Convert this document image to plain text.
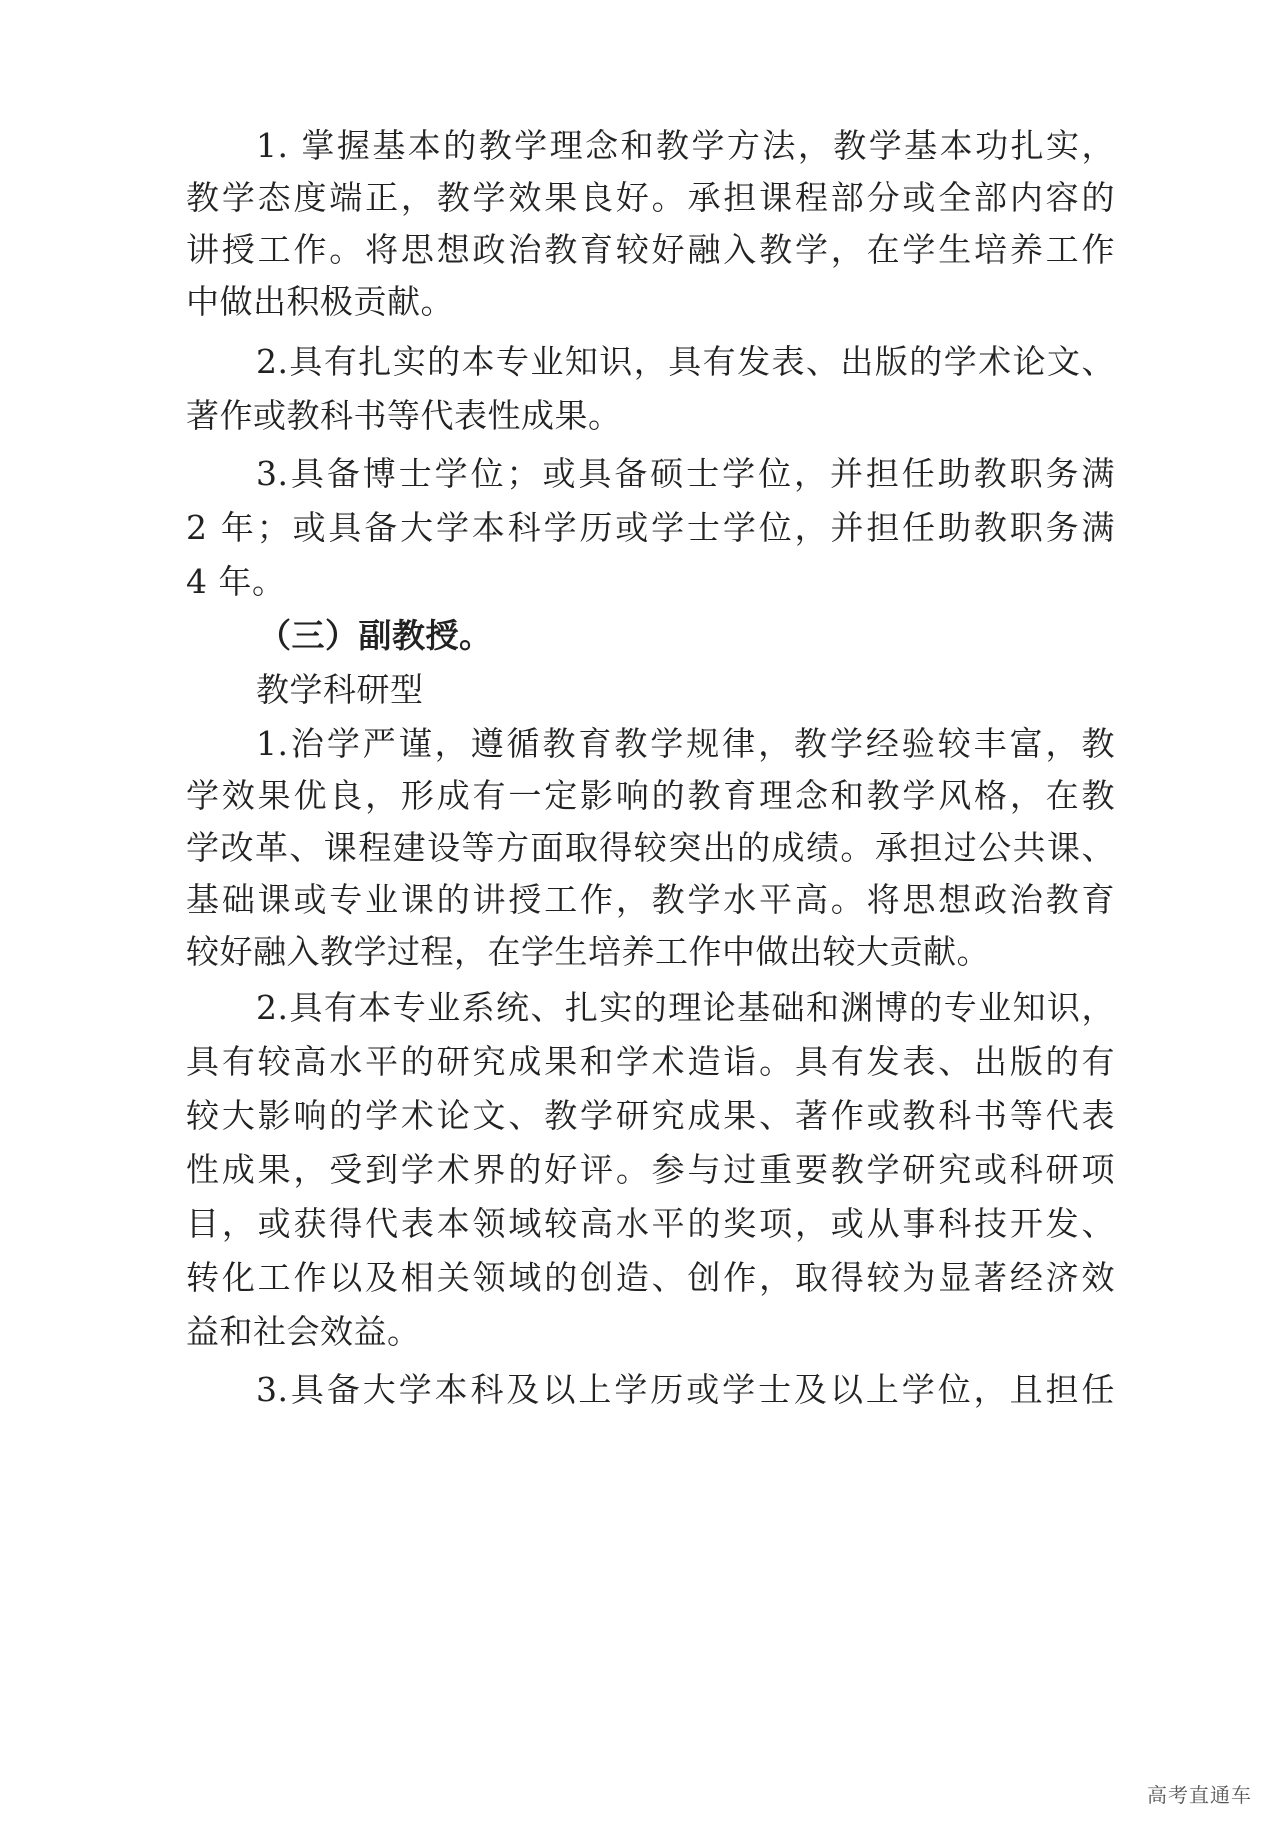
1. 掌握基本的教学理念和教学方法，教学基本功扎实，
教学态度端正，教学效果良好。承担课程部分或全部内容的
讲授工作。将思想政治教育较好融入教学，在学生培养工作
中做出积极贡献。
2.具有扎实的本专业知识，具有发表、出版的学术论文、
著作或教科书等代表性成果。
3.具备博士学位；或具备硕士学位，并担任助教职务满
2 年；或具备大学本科学历或学士学位，并担任助教职务满
4 年。
（三）副教授。
教学科研型
1.治学严谨，遵循教育教学规律，教学经验较丰富，教
学效果优良，形成有一定影响的教育理念和教学风格，在教
学改革、课程建设等方面取得较突出的成绩。承担过公共课、
基础课或专业课的讲授工作，教学水平高。将思想政治教育
较好融入教学过程，在学生培养工作中做出较大贡献。
2.具有本专业系统、扎实的理论基础和渊博的专业知识，
具有较高水平的研究成果和学术造诣。具有发表、出版的有
较大影响的学术论文、教学研究成果、著作或教科书等代表
性成果，受到学术界的好评。参与过重要教学研究或科研项
目，或获得代表本领域较高水平的奖项，或从事科技开发、
转化工作以及相关领域的创造、创作，取得较为显著经济效
益和社会效益。
3.具备大学本科及以上学历或学士及以上学位，且担任
高考直通车
